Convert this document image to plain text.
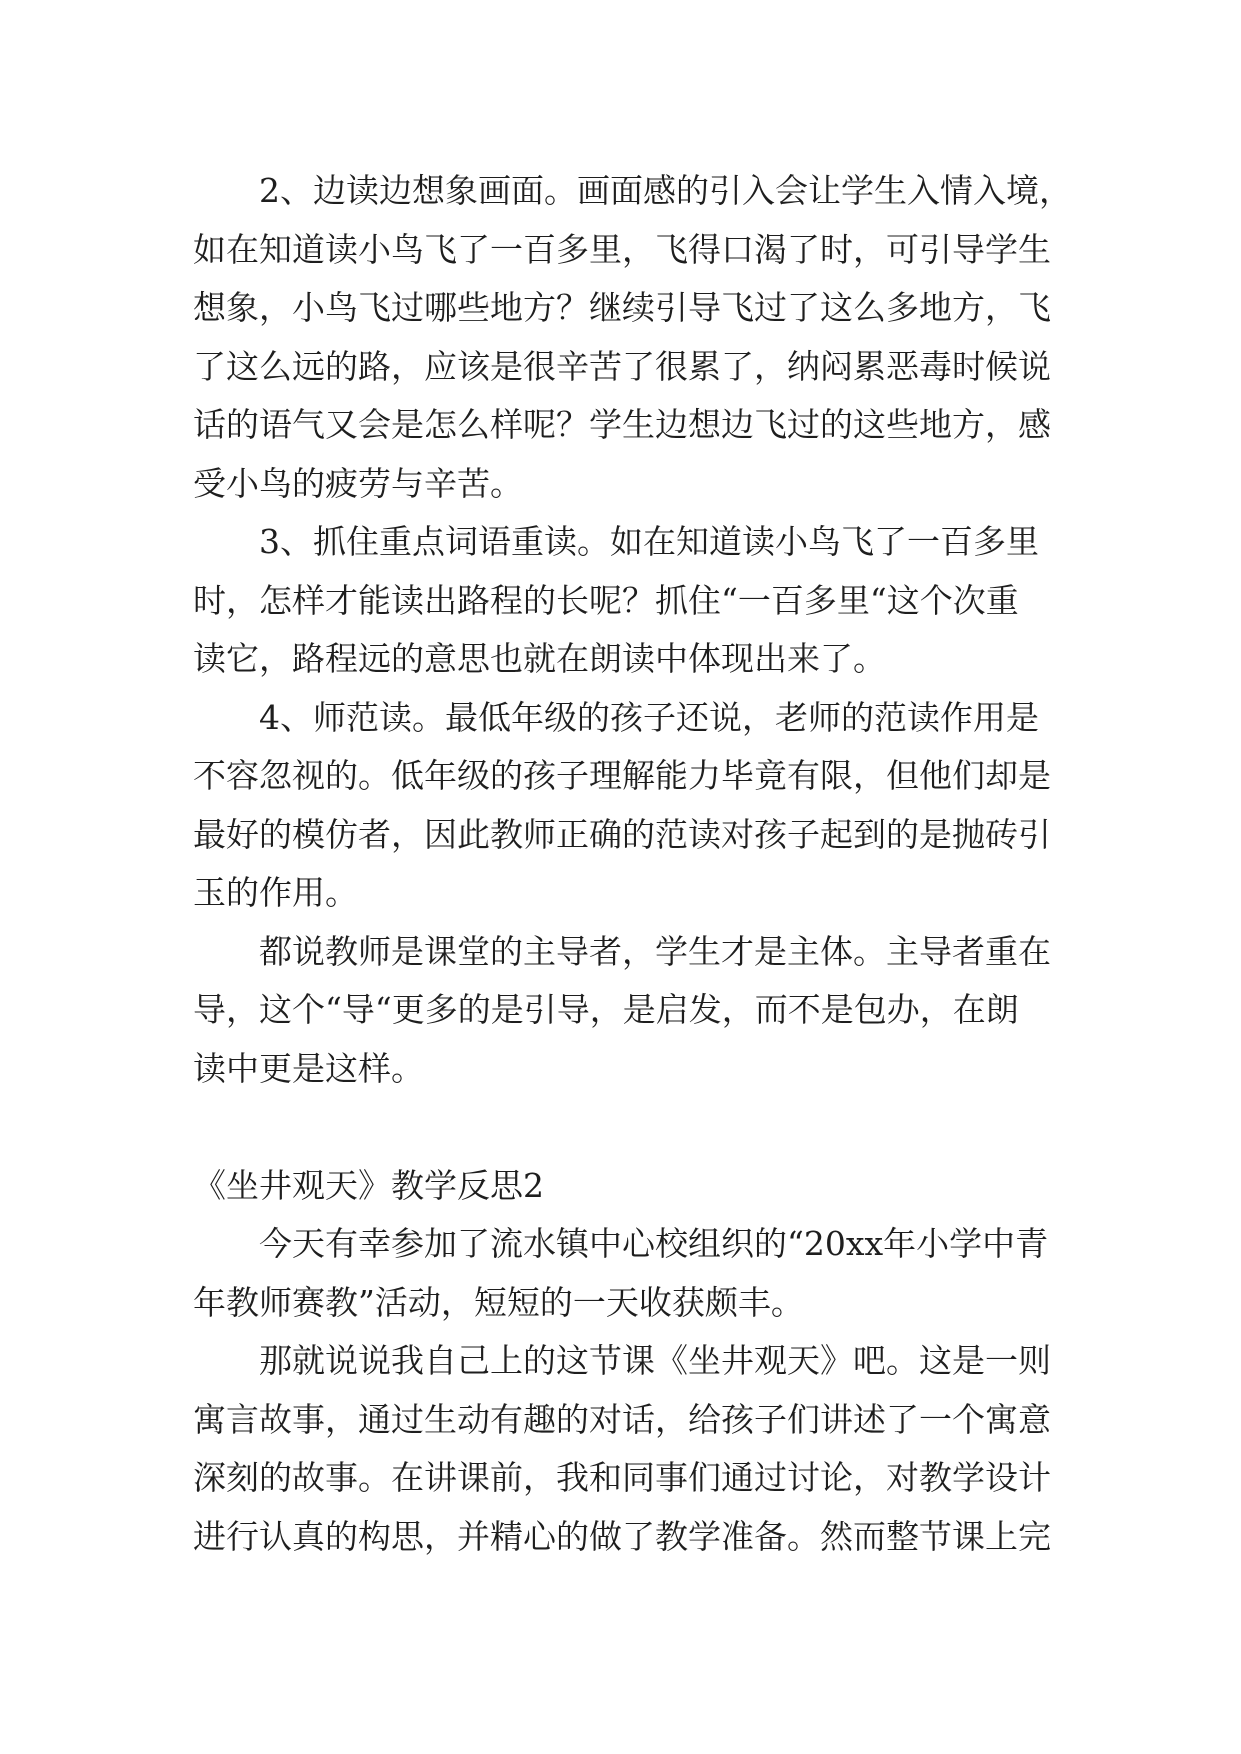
2、边读边想象画面。画面感的引入会让学生入情入境，
如在知道读小鸟飞了一百多里，飞得口渴了时，可引导学生
想象，小鸟飞过哪些地方？继续引导飞过了这么多地方，飞
了这么远的路，应该是很辛苦了很累了，纳闷累恶毒时候说
话的语气又会是怎么样呢？学生边想边飞过的这些地方，感
受小鸟的疲劳与辛苦。
3、抓住重点词语重读。如在知道读小鸟飞了一百多里
时，怎样才能读出路程的长呢？抓住“一百多里“这个次重
读它，路程远的意思也就在朗读中体现出来了。
4、师范读。最低年级的孩子还说，老师的范读作用是
不容忽视的。低年级的孩子理解能力毕竟有限，但他们却是
最好的模仿者，因此教师正确的范读对孩子起到的是抛砖引
玉的作用。
都说教师是课堂的主导者，学生才是主体。主导者重在
导，这个“导“更多的是引导，是启发，而不是包办，在朗
读中更是这样。
《坐井观天》教学反思2
今天有幸参加了流水镇中心校组织的“20xx年小学中青
年教师赛教”活动，短短的一天收获颇丰。
那就说说我自己上的这节课《坐井观天》吧。这是一则
寓言故事，通过生动有趣的对话，给孩子们讲述了一个寓意
深刻的故事。在讲课前，我和同事们通过讨论，对教学设计
进行认真的构思，并精心的做了教学准备。然而整节课上完
